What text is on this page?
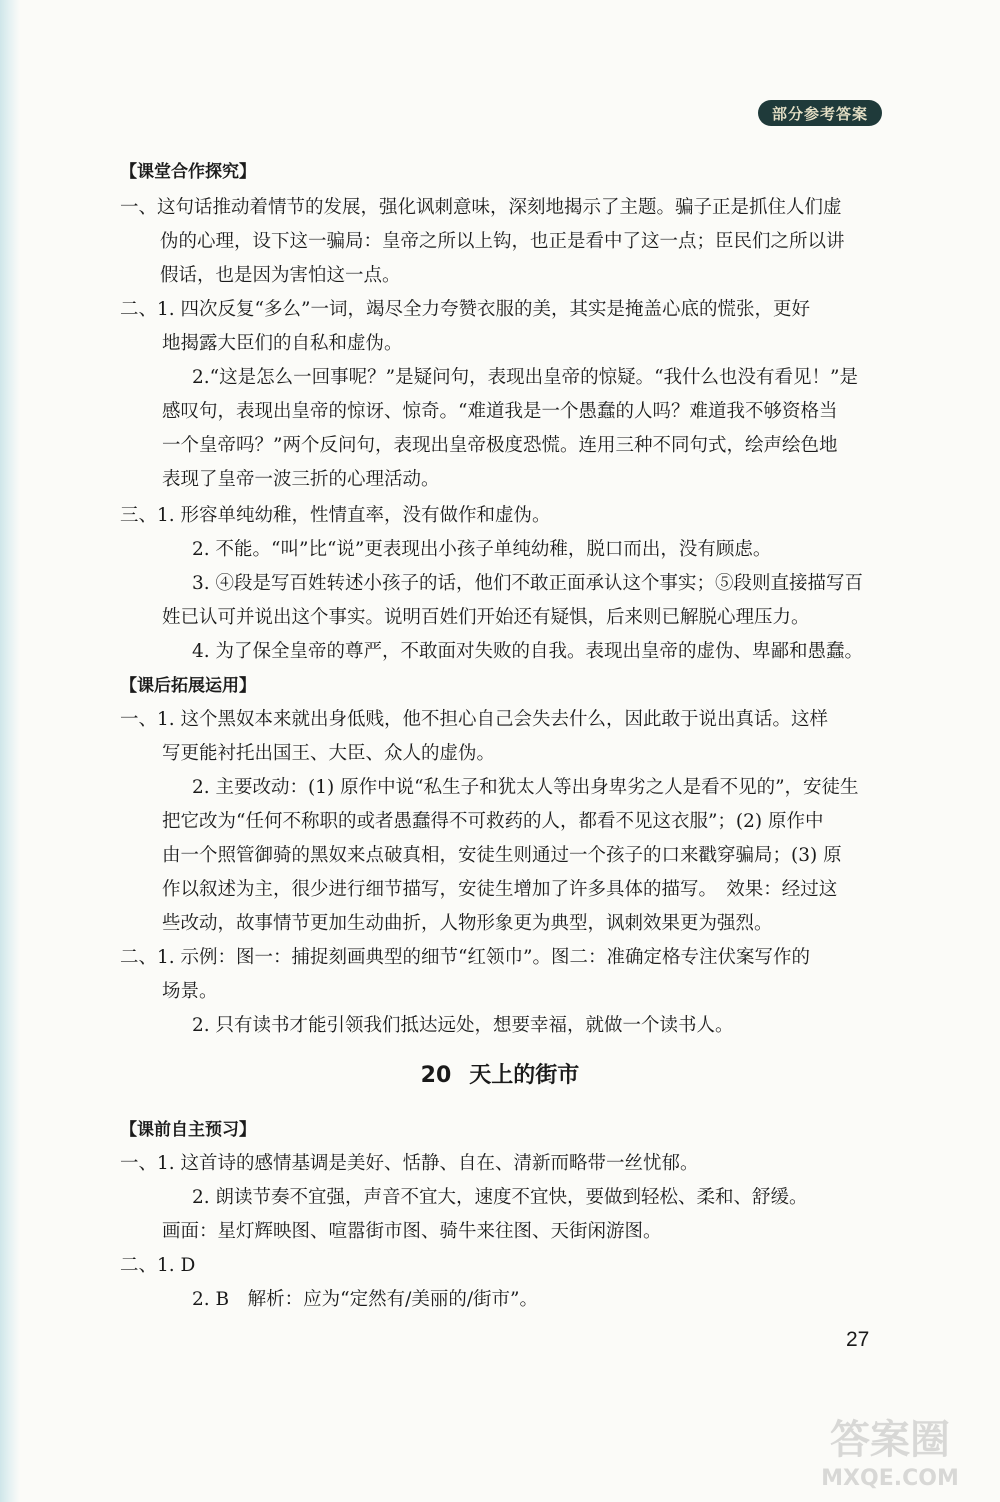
部分参考答案
【课堂合作探究】
一、这句话推动着情节的发展，强化讽刺意味，深刻地揭示了主题。骗子正是抓住人们虚
伪的心理，设下这一骗局：皇帝之所以上钩，也正是看中了这一点；臣民们之所以讲
假话，也是因为害怕这一点。
二、1. 四次反复“多么”一词，竭尽全力夸赞衣服的美，其实是掩盖心底的慌张，更好
地揭露大臣们的自私和虚伪。
2.“这是怎么一回事呢？”是疑问句，表现出皇帝的惊疑。“我什么也没有看见！”是
感叹句，表现出皇帝的惊讶、惊奇。“难道我是一个愚蠢的人吗？难道我不够资格当
一个皇帝吗？”两个反问句，表现出皇帝极度恐慌。连用三种不同句式，绘声绘色地
表现了皇帝一波三折的心理活动。
三、1. 形容单纯幼稚，性情直率，没有做作和虚伪。
2. 不能。“叫”比“说”更表现出小孩子单纯幼稚，脱口而出，没有顾虑。
3. ④段是写百姓转述小孩子的话，他们不敢正面承认这个事实；⑤段则直接描写百
姓已认可并说出这个事实。说明百姓们开始还有疑惧，后来则已解脱心理压力。
4. 为了保全皇帝的尊严，不敢面对失败的自我。表现出皇帝的虚伪、卑鄙和愚蠢。
【课后拓展运用】
一、1. 这个黑奴本来就出身低贱，他不担心自己会失去什么，因此敢于说出真话。这样
写更能衬托出国王、大臣、众人的虚伪。
2. 主要改动：(1) 原作中说“私生子和犹太人等出身卑劣之人是看不见的”，安徒生
把它改为“任何不称职的或者愚蠢得不可救药的人，都看不见这衣服”；(2) 原作中
由一个照管御骑的黑奴来点破真相，安徒生则通过一个孩子的口来戳穿骗局；(3) 原
作以叙述为主，很少进行细节描写，安徒生增加了许多具体的描写。　效果：经过这
些改动，故事情节更加生动曲折，人物形象更为典型，讽刺效果更为强烈。
二、1. 示例：图一：捕捉刻画典型的细节“红领巾”。图二：准确定格专注伏案写作的
场景。
2. 只有读书才能引领我们抵达远处，想要幸福，就做一个读书人。
20 天上的街市
【课前自主预习】
一、1. 这首诗的感情基调是美好、恬静、自在、清新而略带一丝忧郁。
2. 朗读节奏不宜强，声音不宜大，速度不宜快，要做到轻松、柔和、舒缓。
画面：星灯辉映图、喧嚣街市图、骑牛来往图、天街闲游图。
二、1. D
2. B　解析：应为“定然有/美丽的/街市”。
27
答案圈
MXQE.COM
